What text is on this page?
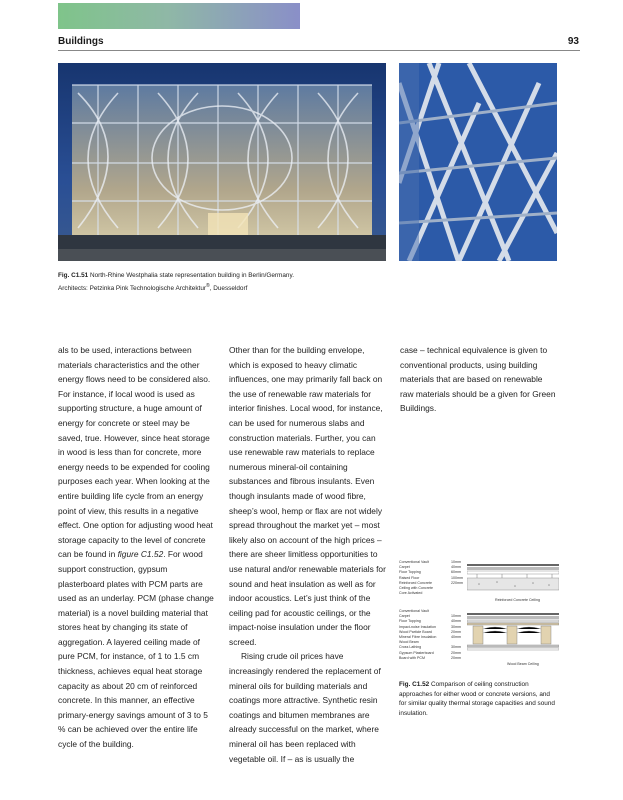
Buildings	93
Fig. C1.51 North-Rhine Westphalia state representation building in Berlin/Germany.
Architects: Petzinka Pink Technologische Architektur®, Duesseldorf

als to be used, interactions between materials characteristics and the other energy flows need to be considered also. For instance, if local wood is used as supporting structure, a huge amount of energy for concrete or steel may be saved, true. However, since heat storage in wood is less than for concrete, more energy needs to be expended for cooling purposes each year. When looking at the entire building life cycle from an energy point of view, this results in a negative effect. One option for adjusting wood heat storage capacity to the level of concrete can be found in figure C1.52. For wood support construction, gypsum plasterboard plates with PCM parts are used as an underlay. PCM (phase change material) is a novel building material that stores heat by changing its state of aggregation. A layered ceiling made of pure PCM, for instance, of 1 to 1.5 cm thickness, achieves equal heat storage capacity as about 20 cm of reinforced concrete. In this manner, an effective primary-energy savings amount of 3 to 5 % can be achieved over the entire life cycle of the building.

Other than for the building envelope, which is exposed to heavy climatic influences, one may primarily fall back on the use of renewable raw materials for interior finishes. Local wood, for instance, can be used for numerous slabs and construction materials. Further, you can use renewable raw materials to replace numerous mineral-oil containing substances and fibrous insulants. Even though insulants made of wood fibre, sheep’s wool, hemp or flax are not widely spread throughout the market yet – most likely also on account of the high prices – there are sheer limitless opportunities to use natural and/or renewable materials for sound and heat insulation as well as for indoor acoustics. Let’s just think of the ceiling pad for acoustic ceilings, or the impact-noise insulation under the floor screed.

Rising crude oil prices have increasingly rendered the replacement of mineral oils for building materials and coatings more attractive. Synthetic resin coatings and bitumen membranes are already successful on the market, where mineral oil has been replaced with vegetable oil. If – as is usually the

case – technical equivalence is given to conventional products, using building materials that are based on renewable raw materials should be a given for Green Buildings.

Conventional Vault
Carpet
Floor Topping
Raised Floor
Reinforced Concrete
Ceiling with Concrete
Core Activated
10mm
40mm
60mm
100mm
220mm
Reinforced Concrete Ceiling
Conventional Vault
Carpet
Floor Topping
Impact-noise Insulation
Wood Particle Board
Mineral Fibre Insulation
Wood Beam
Cross Lathing
Gypsum Plasterboard
Board with PCM

10mm
40mm
30mm
20mm
40mm

30mm
20mm
20mm
Wood Beam Ceiling
Fig. C1.52 Comparison of ceiling construction approaches for either wood or concrete versions, and for similar quality thermal storage capacities and sound insulation.
